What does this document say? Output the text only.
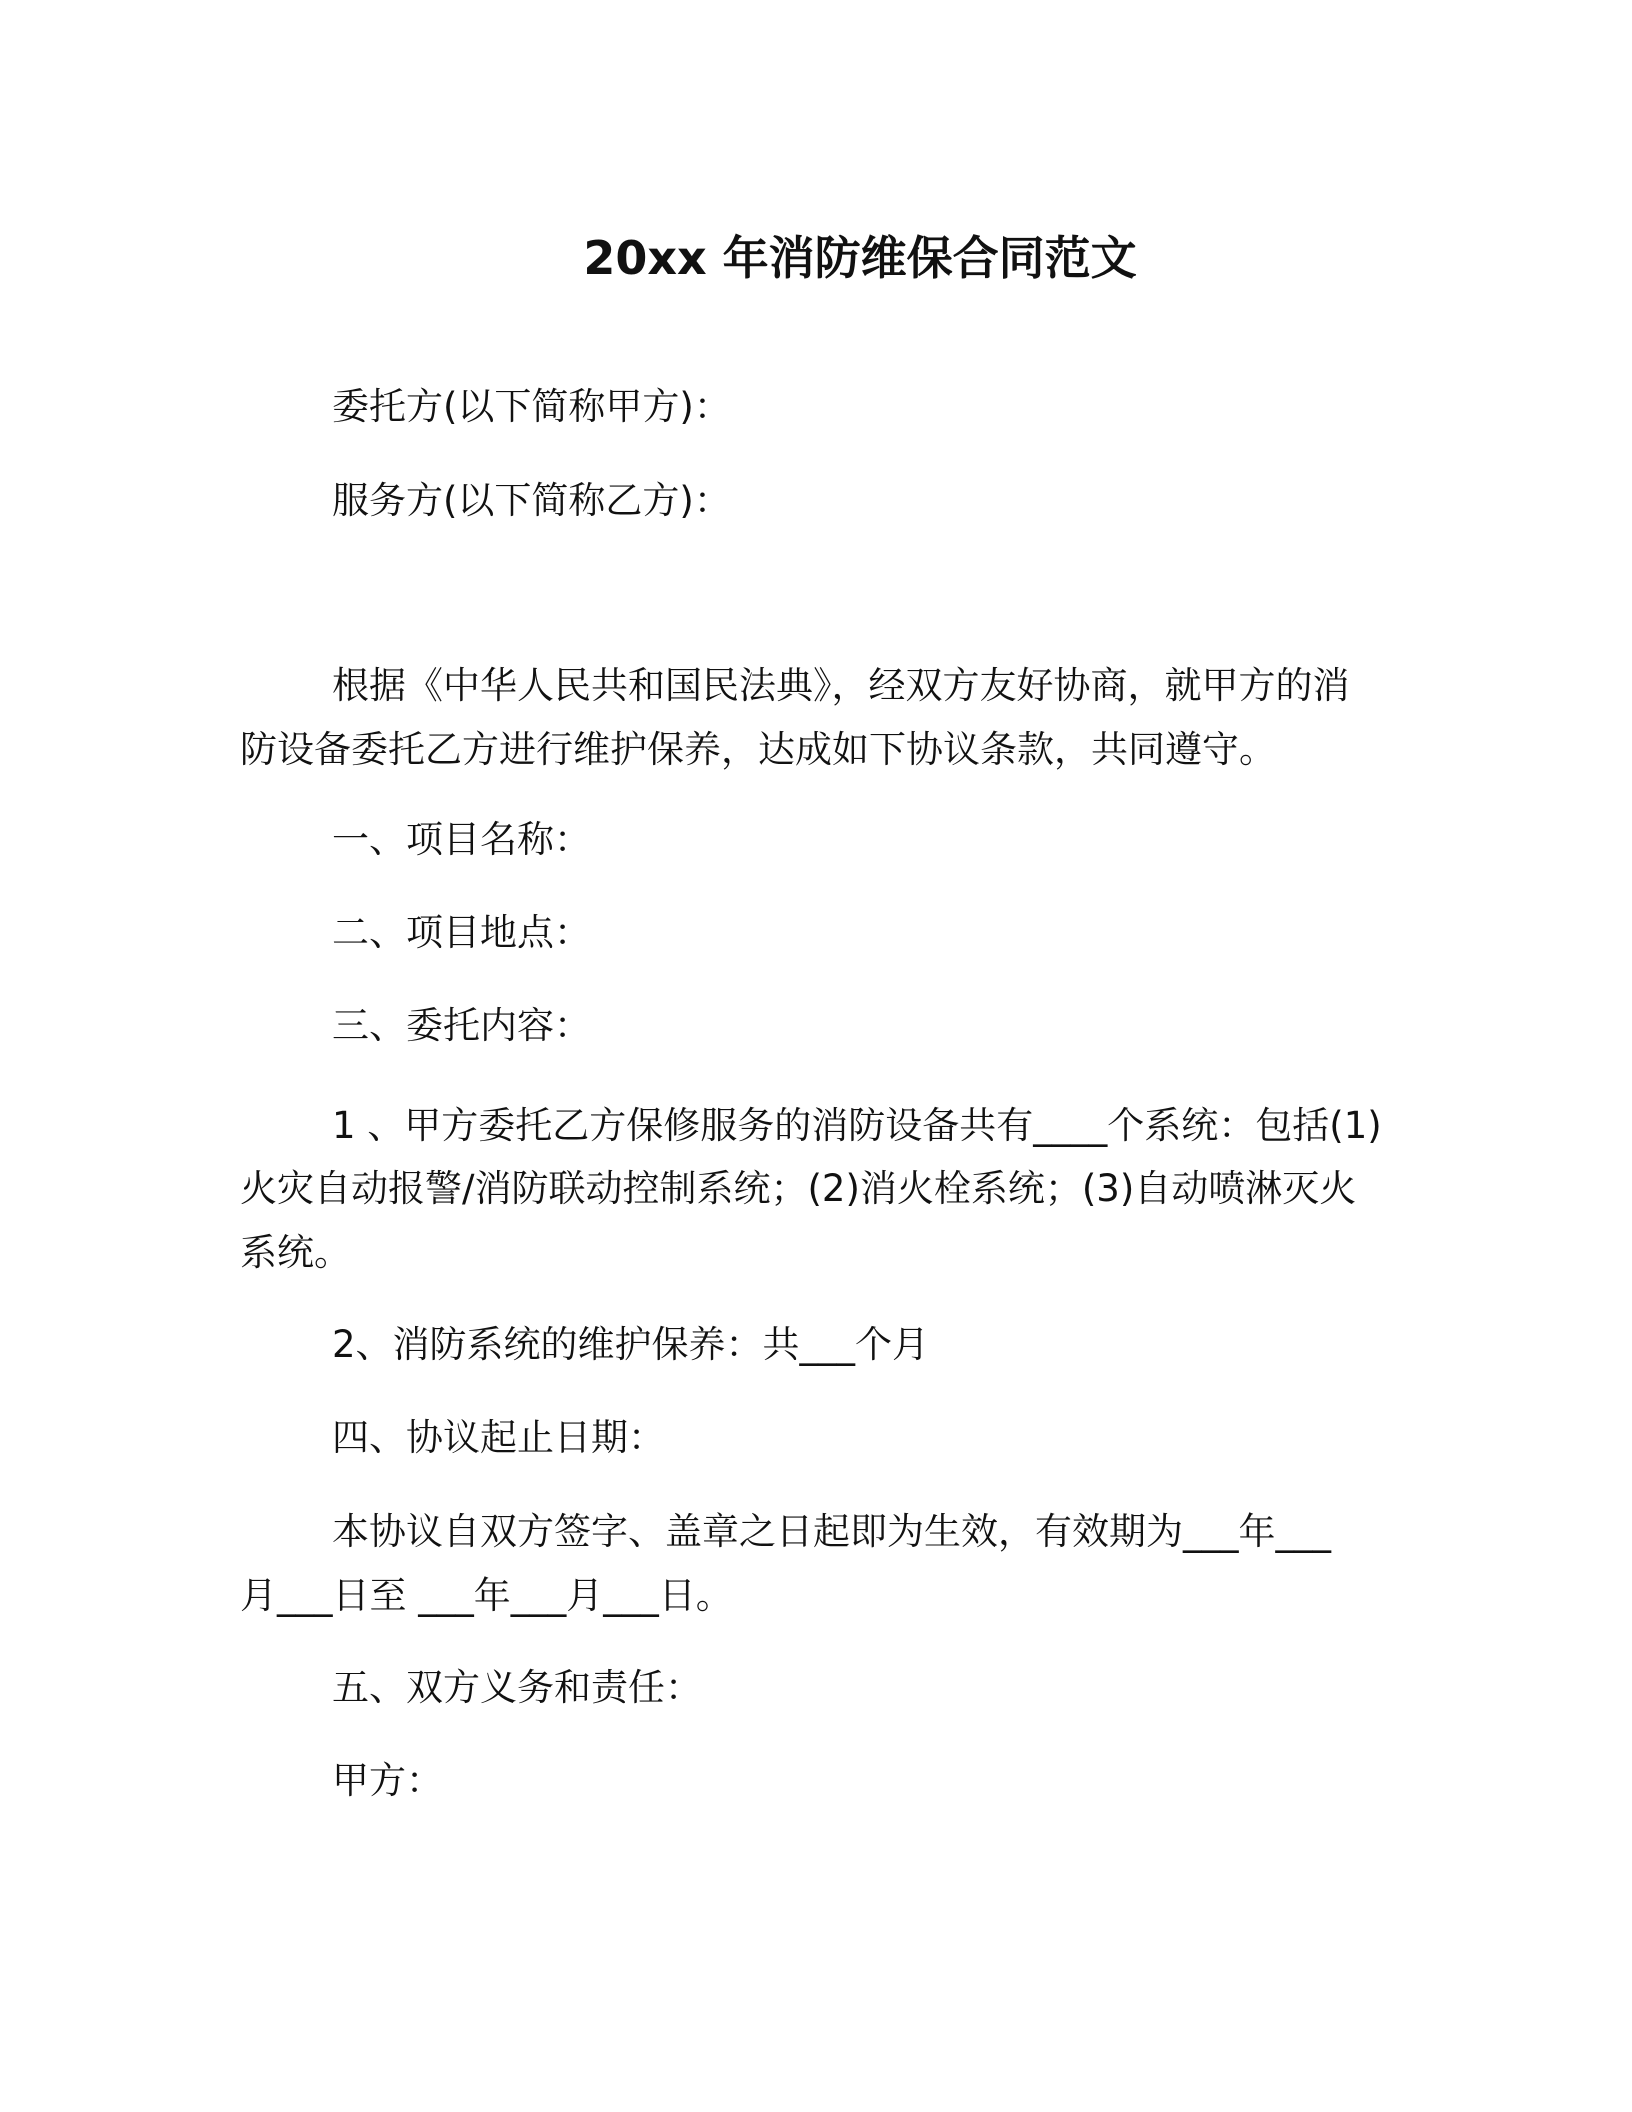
20xx 年消防维保合同范文
委托方(以下简称甲方)：
服务方(以下简称乙方)：
根据《中华人民共和国民法典》，经双方友好协商，就甲方的消
防设备委托乙方进行维护保养，达成如下协议条款，共同遵守。
一、项目名称：
二、项目地点：
三、委托内容：
1 、甲方委托乙方保修服务的消防设备共有____个系统：包括(1)
火灾自动报警/消防联动控制系统；(2)消火栓系统；(3)自动喷淋灭火
系统。
2、消防系统的维护保养：共___个月
四、协议起止日期：
本协议自双方签字、盖章之日起即为生效，有效期为___年___
月___日至 ___年___月___日。
五、双方义务和责任：
甲方：
